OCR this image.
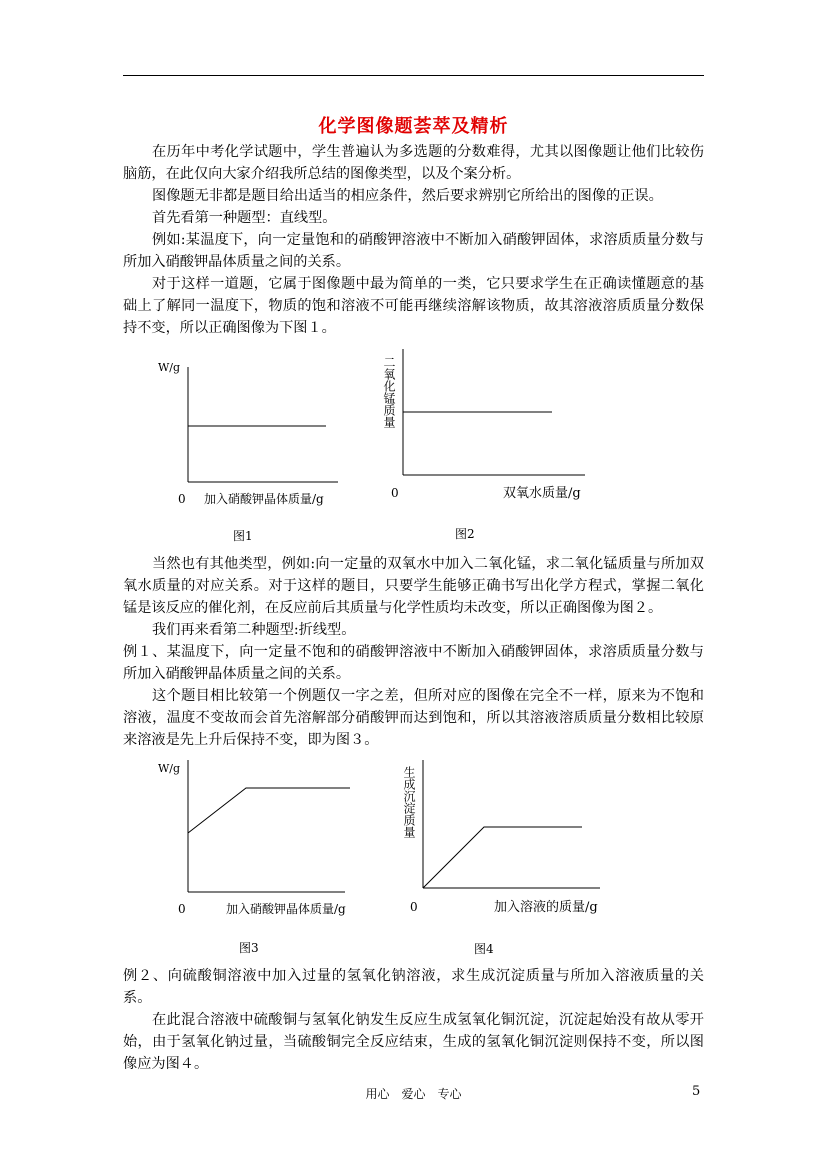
化学图像题荟萃及精析

在历年中考化学试题中，学生普遍认为多选题的分数难得，尤其以图像题让他们比较伤脑筋，在此仅向大家介绍我所总结的图像类型，以及个案分析。

图像题无非都是题目给出适当的相应条件，然后要求辨别它所给出的图像的正误。

首先看第一种题型：直线型。

例如:某温度下，向一定量饱和的硝酸钾溶液中不断加入硝酸钾固体，求溶质质量分数与所加入硝酸钾晶体质量之间的关系。

对于这样一道题，它属于图像题中最为简单的一类，它只要求学生在正确读懂题意的基础上了解同一温度下，物质的饱和溶液不可能再继续溶解该物质，故其溶液溶质质量分数保持不变，所以正确图像为下图１。

W/g
0 加入硝酸钾晶体质量/g
图1
二氧化锰质量
0	双氧水质量/g
图2

当然也有其他类型，例如:向一定量的双氧水中加入二氧化锰，求二氧化锰质量与所加双氧水质量的对应关系。对于这样的题目，只要学生能够正确书写出化学方程式，掌握二氧化锰是该反应的催化剂，在反应前后其质量与化学性质均未改变，所以正确图像为图２。

我们再来看第二种题型:折线型。

例１、某温度下，向一定量不饱和的硝酸钾溶液中不断加入硝酸钾固体，求溶质质量分数与所加入硝酸钾晶体质量之间的关系。

这个题目相比较第一个例题仅一字之差，但所对应的图像在完全不一样，原来为不饱和溶液，温度不变故而会首先溶解部分硝酸钾而达到饱和，所以其溶液溶质质量分数相比较原来溶液是先上升后保持不变，即为图３。

W/g
0	加入硝酸钾晶体质量/g
图3
生成沉淀质量
0	加入溶液的质量/g
图4

例２、向硫酸铜溶液中加入过量的氢氧化钠溶液，求生成沉淀质量与所加入溶液质量的关系。

在此混合溶液中硫酸铜与氢氧化钠发生反应生成氢氧化铜沉淀，沉淀起始没有故从零开始，由于氢氧化钠过量，当硫酸铜完全反应结束，生成的氢氧化铜沉淀则保持不变，所以图像应为图４。

用心　爱心　专心	5
